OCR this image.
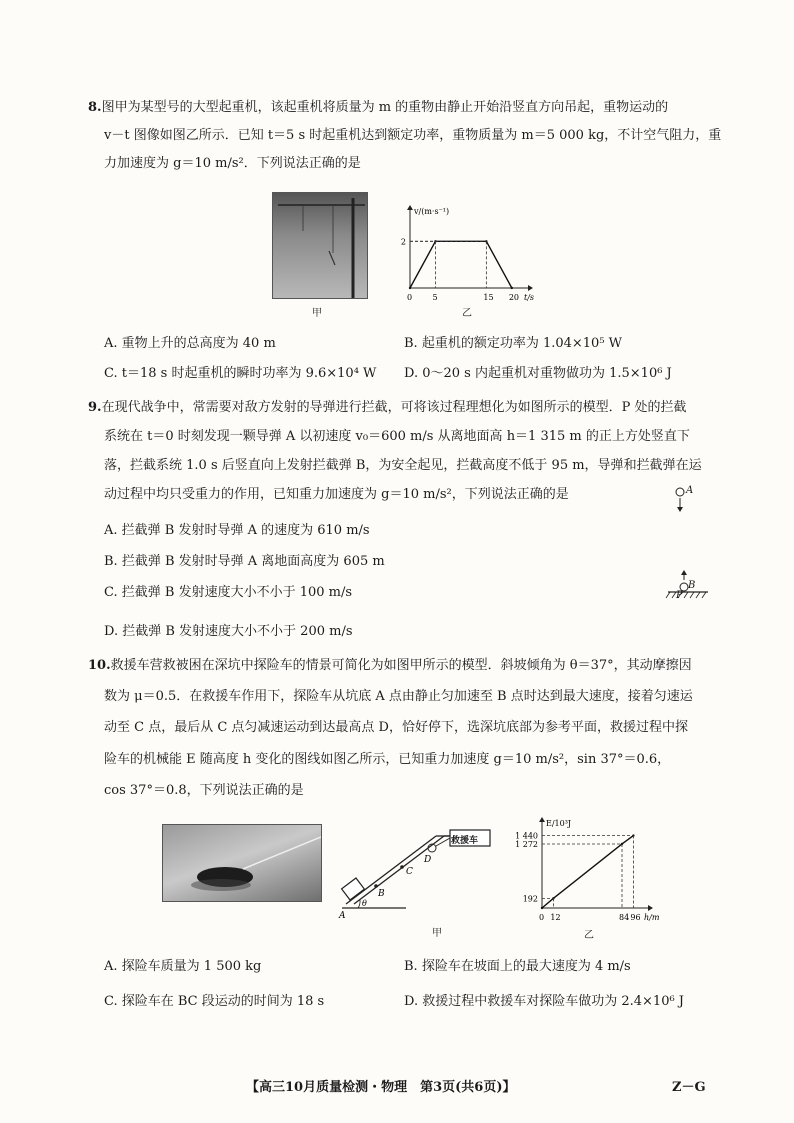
8.图甲为某型号的大型起重机，该起重机将质量为 m 的重物由静止开始沿竖直方向吊起，重物运动的
v－t 图像如图乙所示．已知 t＝5 s 时起重机达到额定功率，重物质量为 m＝5 000 kg，不计空气阻力，重
力加速度为 g＝10 m/s²．下列说法正确的是
甲
t/s
v/(m·s⁻¹)
0	5	15 20
2
乙
A. 重物上升的总高度为 40 m	B. 起重机的额定功率为 1.04×10⁵ W
C. t＝18 s 时起重机的瞬时功率为 9.6×10⁴ W D. 0～20 s 内起重机对重物做功为 1.5×10⁶ J
9.在现代战争中，常需要对敌方发射的导弹进行拦截，可将该过程理想化为如图所示的模型．P 处的拦截
系统在 t＝0 时刻发现一颗导弹 A 以初速度 v₀＝600 m/s 从离地面高 h＝1 315 m 的正上方处竖直下
落，拦截系统 1.0 s 后竖直向上发射拦截弹 B，为安全起见，拦截高度不低于 95 m，导弹和拦截弹在运
动过程中均只受重力的作用，已知重力加速度为 g＝10 m/s²，下列说法正确的是	A
B
P
A. 拦截弹 B 发射时导弹 A 的速度为 610 m/s
B. 拦截弹 B 发射时导弹 A 离地面高度为 605 m
C. 拦截弹 B 发射速度大小不小于 100 m/s
D. 拦截弹 B 发射速度大小不小于 200 m/s
10.救援车营救被困在深坑中探险车的情景可简化为如图甲所示的模型．斜坡倾角为 θ＝37°，其动摩擦因
数为 μ＝0.5．在救援车作用下，探险车从坑底 A 点由静止匀加速至 B 点时达到最大速度，接着匀速运
动至 C 点，最后从 C 点匀减速运动到达最高点 D，恰好停下，选深坑底部为参考平面，救援过程中探
险车的机械能 E 随高度 h 变化的图线如图乙所示，已知重力加速度 g＝10 m/s²，sin 37°＝0.6，
cos 37°＝0.8，下列说法正确的是
A
B
C
D
θ
救援车
甲
h/m
E/10³J
0 12	84 96
192
1 272
1 440
乙
A. 探险车质量为 1 500 kg	B. 探险车在坡面上的最大速度为 4 m/s
C. 探险车在 BC 段运动的时间为 18 s	D. 救援过程中救援车对探险车做功为 2.4×10⁶ J
【高三10月质量检测・物理　第3页(共6页)】	Z－G
